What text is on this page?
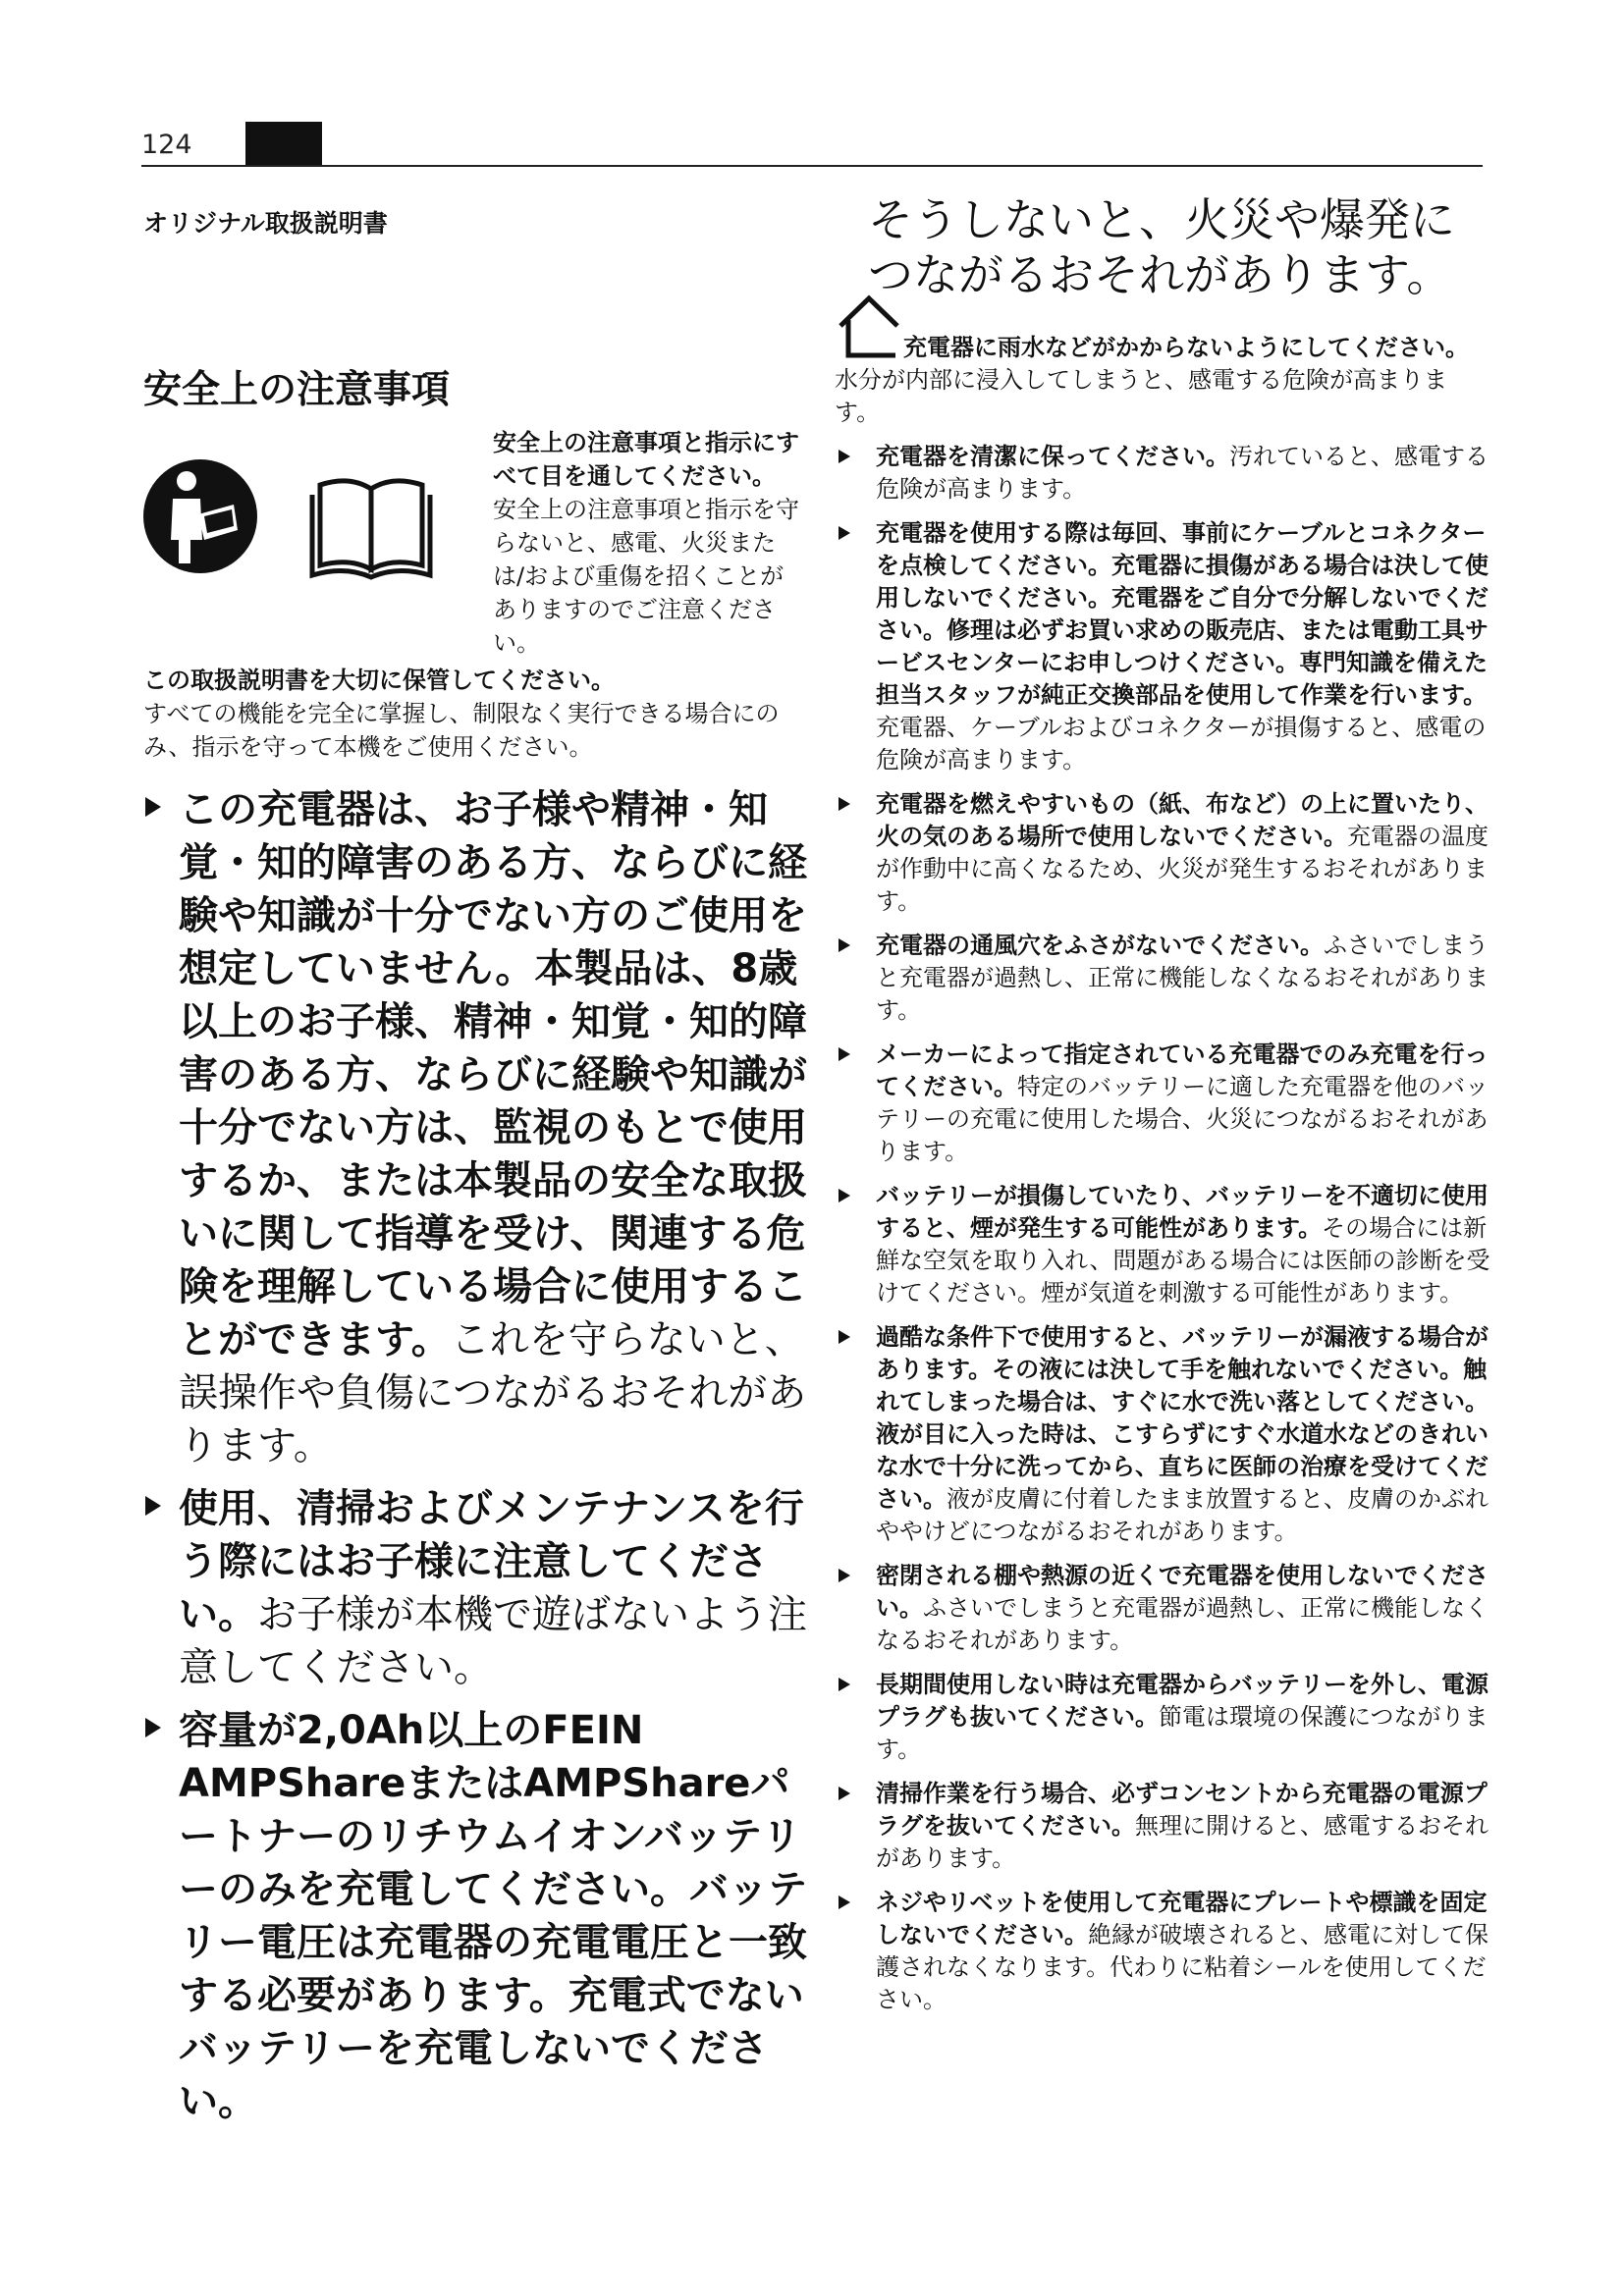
124
オリジナル取扱説明書
安全上の注意事項
安全上の注意事項と指示にすべて目を通してください。
安全上の注意事項と指示を守らないと、感電、火災または/および重傷を招くことがありますのでご注意ください。

この取扱説明書を大切に保管してください。

すべての機能を完全に掌握し、制限なく実行できる場合にのみ、指示を守って本機をご使用ください。

この充電器は、お子様や精神・知覚・知的障害のある方、ならびに経験や知識が十分でない方のご使用を想定していません。本製品は、8歳以上のお子様、精神・知覚・知的障害のある方、ならびに経験や知識が十分でない方は、監視のもとで使用するか、または本製品の安全な取扱いに関して指導を受け、関連する危険を理解している場合に使用することができます。これを守らないと、誤操作や負傷につながるおそれがあります。
使用、清掃およびメンテナンスを行う際にはお子様に注意してください。お子様が本機で遊ばないよう注意してください。
容量が2,0Ah以上のFEIN AMPShareまたはAMPShareパートナーのリチウムイオンバッテリーのみを充電してください。バッテリー電圧は充電器の充電電圧と一致する必要があります。充電式でないバッテリーを充電しないでください。
そうしないと、火災や爆発につながるおそれがあります。
充電器に雨水などがかからないようにしてください。
水分が内部に浸入してしまうと、感電する危険が高まります。
充電器を清潔に保ってください。汚れていると、感電する危険が高まります。
充電器を使用する際は毎回、事前にケーブルとコネクターを点検してください。充電器に損傷がある場合は決して使用しないでください。充電器をご自分で分解しないでください。修理は必ずお買い求めの販売店、または電動工具サービスセンターにお申しつけください。専門知識を備えた担当スタッフが純正交換部品を使用して作業を行います。充電器、ケーブルおよびコネクターが損傷すると、感電の危険が高まります。
充電器を燃えやすいもの（紙、布など）の上に置いたり、火の気のある場所で使用しないでください。充電器の温度が作動中に高くなるため、火災が発生するおそれがあります。
充電器の通風穴をふさがないでください。ふさいでしまうと充電器が過熱し、正常に機能しなくなるおそれがあります。
メーカーによって指定されている充電器でのみ充電を行ってください。特定のバッテリーに適した充電器を他のバッテリーの充電に使用した場合、火災につながるおそれがあります。
バッテリーが損傷していたり、バッテリーを不適切に使用すると、煙が発生する可能性があります。その場合には新鮮な空気を取り入れ、問題がある場合には医師の診断を受けてください。煙が気道を刺激する可能性があります。
過酷な条件下で使用すると、バッテリーが漏液する場合があります。その液には決して手を触れないでください。触れてしまった場合は、すぐに水で洗い落としてください。液が目に入った時は、こすらずにすぐ水道水などのきれいな水で十分に洗ってから、直ちに医師の治療を受けてください。液が皮膚に付着したまま放置すると、皮膚のかぶれややけどにつながるおそれがあります。
密閉される棚や熱源の近くで充電器を使用しないでください。ふさいでしまうと充電器が過熱し、正常に機能しなくなるおそれがあります。
長期間使用しない時は充電器からバッテリーを外し、電源プラグも抜いてください。節電は環境の保護につながります。
清掃作業を行う場合、必ずコンセントから充電器の電源プラグを抜いてください。無理に開けると、感電するおそれがあります。
ネジやリベットを使用して充電器にプレートや標識を固定しないでください。絶縁が破壊されると、感電に対して保護されなくなります。代わりに粘着シールを使用してください。
